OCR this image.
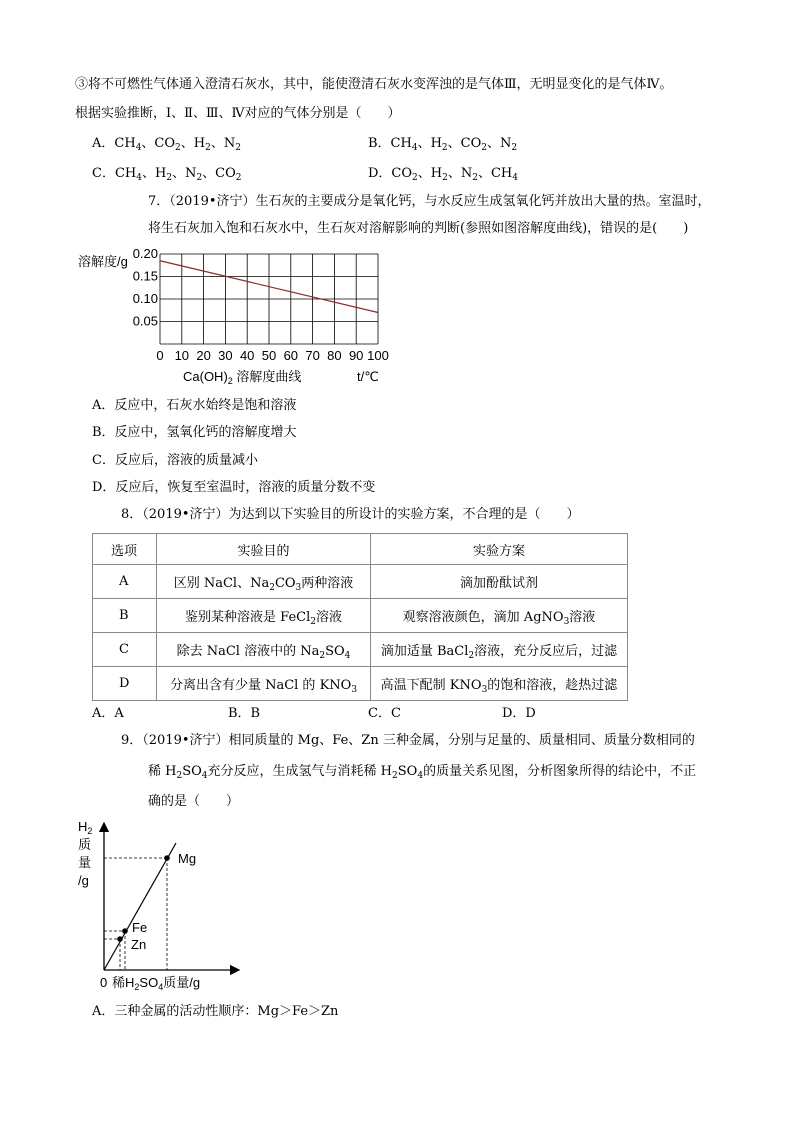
③将不可燃性气体通入澄清石灰水，其中，能使澄清石灰水变浑浊的是气体Ⅲ，无明显变化的是气体Ⅳ。
根据实验推断，Ⅰ、Ⅱ、Ⅲ、Ⅳ对应的气体分别是（　　）
A．$CH_4$、$CO_2$、$H_2$、$N_2$	B．$CH_4$、$H_2$、$CO_2$、$N_2$
C．$CH_4$、$H_2$、$N_2$、$CO_2$	D．$CO_2$、$H_2$、$N_2$、$CH_4$
7．（2019•济宁）生石灰的主要成分是氧化钙，与水反应生成氢氧化钙并放出大量的热。室温时，
将生石灰加入饱和石灰水中，生石灰对溶解影响的判断(参照如图溶解度曲线)，错误的是(　　)
溶解度/g
0.20
0.15
0.10
0.05
0 10 20 30 40 50 60 70 80 90 100
$Ca(OH)_2$ 溶解度曲线	t/℃
A．反应中，石灰水始终是饱和溶液
B．反应中，氢氧化钙的溶解度增大
C．反应后，溶液的质量减小
D．反应后，恢复至室温时，溶液的质量分数不变
8．（2019•济宁）为达到以下实验目的所设计的实验方案，不合理的是（　　）
选项	实验目的	实验方案
A	区别 NaCl、$Na_2CO_3$两种溶液	滴加酚酞试剂
B	鉴别某种溶液是 FeCl$_2$溶液	观察溶液颜色，滴加 AgNO$_3$溶液
C	除去 NaCl 溶液中的 $Na_2SO_4$	滴加适量 BaCl$_2$溶液，充分反应后，过滤
D	分离出含有少量 NaCl 的 $KNO_3$	高温下配制 $KNO_3$的饱和溶液，趁热过滤
A．A	B．B	C．C	D．D
9．（2019•济宁）相同质量的 Mg、Fe、Zn 三种金属，分别与足量的、质量相同、质量分数相同的
稀 $H_2SO_4$充分反应，生成氢气与消耗稀 $H_2SO_4$的质量关系见图，分析图象所得的结论中，不正
确的是（　　）
$H_2$
质
量
/g
Mg
Fe
Zn
0 稀$H_2SO_4$质量/g
A．三种金属的活动性顺序：Mg＞Fe＞Zn
